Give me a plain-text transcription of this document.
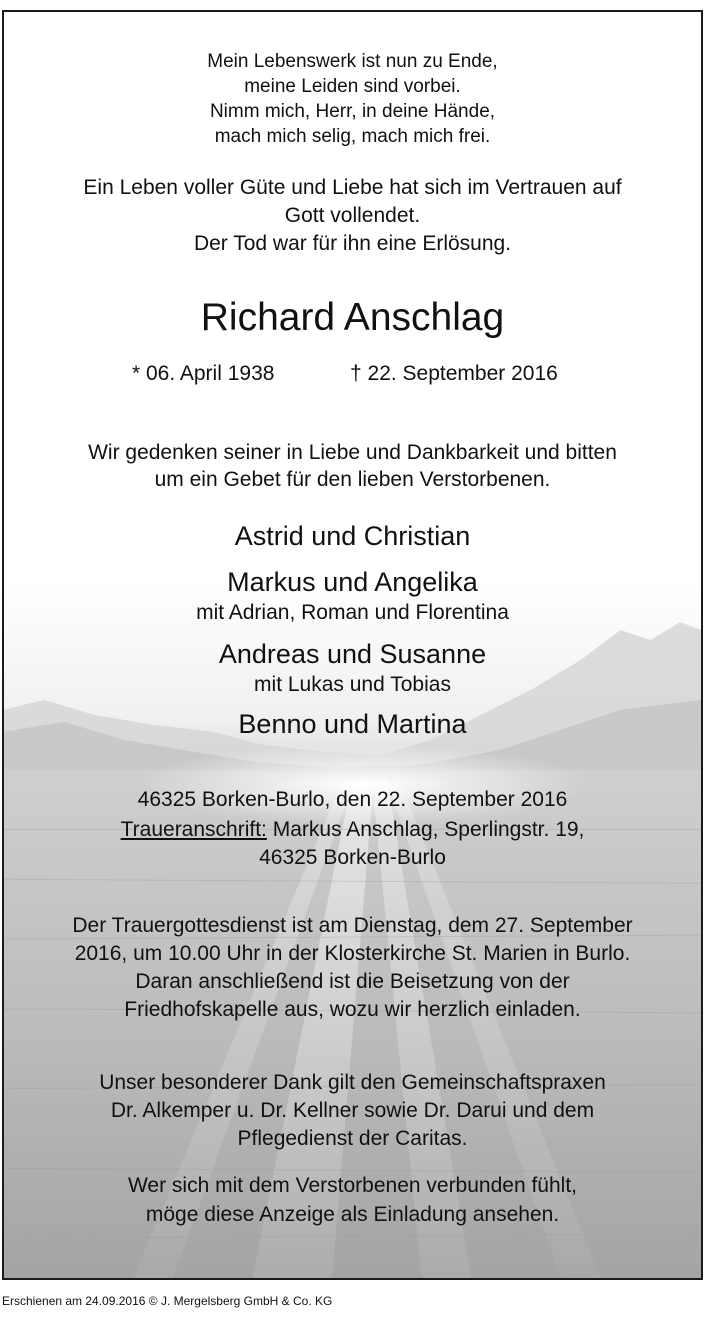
Mein Lebenswerk ist nun zu Ende,
meine Leiden sind vorbei.
Nimm mich, Herr, in deine Hände,
mach mich selig, mach mich frei.
Ein Leben voller Güte und Liebe hat sich im Vertrauen auf
Gott vollendet.
Der Tod war für ihn eine Erlösung.
Richard Anschlag
* 06. April 1938	† 22. September 2016
Wir gedenken seiner in Liebe und Dankbarkeit und bitten
um ein Gebet für den lieben Verstorbenen.
Astrid und Christian
Markus und Angelika
mit Adrian, Roman und Florentina
Andreas und Susanne
mit Lukas und Tobias
Benno und Martina
46325 Borken-Burlo, den 22. September 2016
Traueranschrift: Markus Anschlag, Sperlingstr. 19,
46325 Borken-Burlo
Der Trauergottesdienst ist am Dienstag, dem 27. September
2016, um 10.00 Uhr in der Klosterkirche St. Marien in Burlo.
Daran anschließend ist die Beisetzung von der
Friedhofskapelle aus, wozu wir herzlich einladen.
Unser besonderer Dank gilt den Gemeinschaftspraxen
Dr. Alkemper u. Dr. Kellner sowie Dr. Darui und dem
Pflegedienst der Caritas.
Wer sich mit dem Verstorbenen verbunden fühlt,
möge diese Anzeige als Einladung ansehen.
Erschienen am 24.09.2016 © J. Mergelsberg GmbH & Co. KG
